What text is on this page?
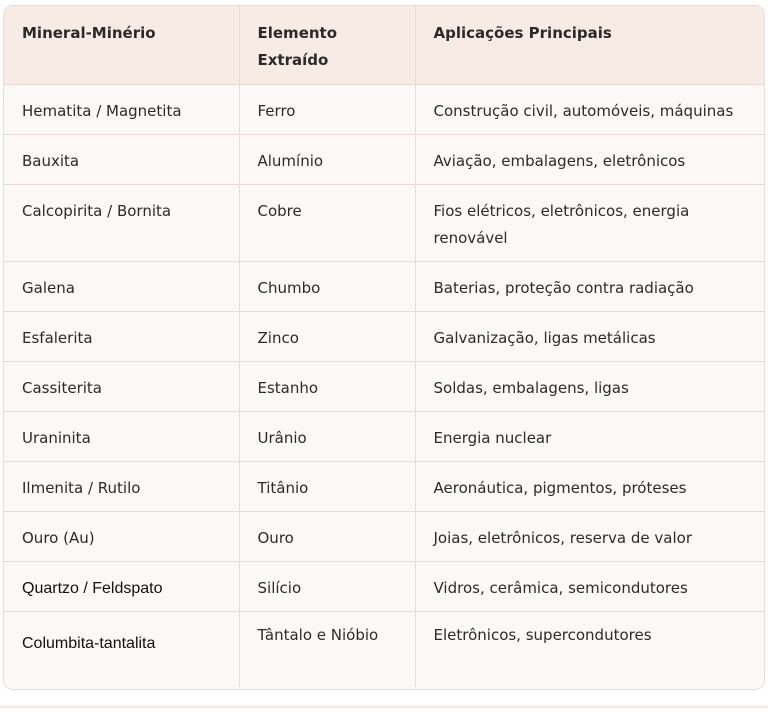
Mineral-Minério	Elemento Extraído	Aplicações Principais
Hematita / Magnetita	Ferro	Construção civil, automóveis, máquinas
Bauxita	Alumínio	Aviação, embalagens, eletrônicos
Calcopirita / Bornita	Cobre	Fios elétricos, eletrônicos, energia renovável
Galena	Chumbo	Baterias, proteção contra radiação
Esfalerita	Zinco	Galvanização, ligas metálicas
Cassiterita	Estanho	Soldas, embalagens, ligas
Uraninita	Urânio	Energia nuclear
Ilmenita / Rutilo	Titânio	Aeronáutica, pigmentos, próteses
Ouro (Au)	Ouro	Joias, eletrônicos, reserva de valor
Quartzo / Feldspato	Silício	Vidros, cerâmica, semicondutores
Columbita-tantalita	Tântalo e Nióbio	Eletrônicos, supercondutores
